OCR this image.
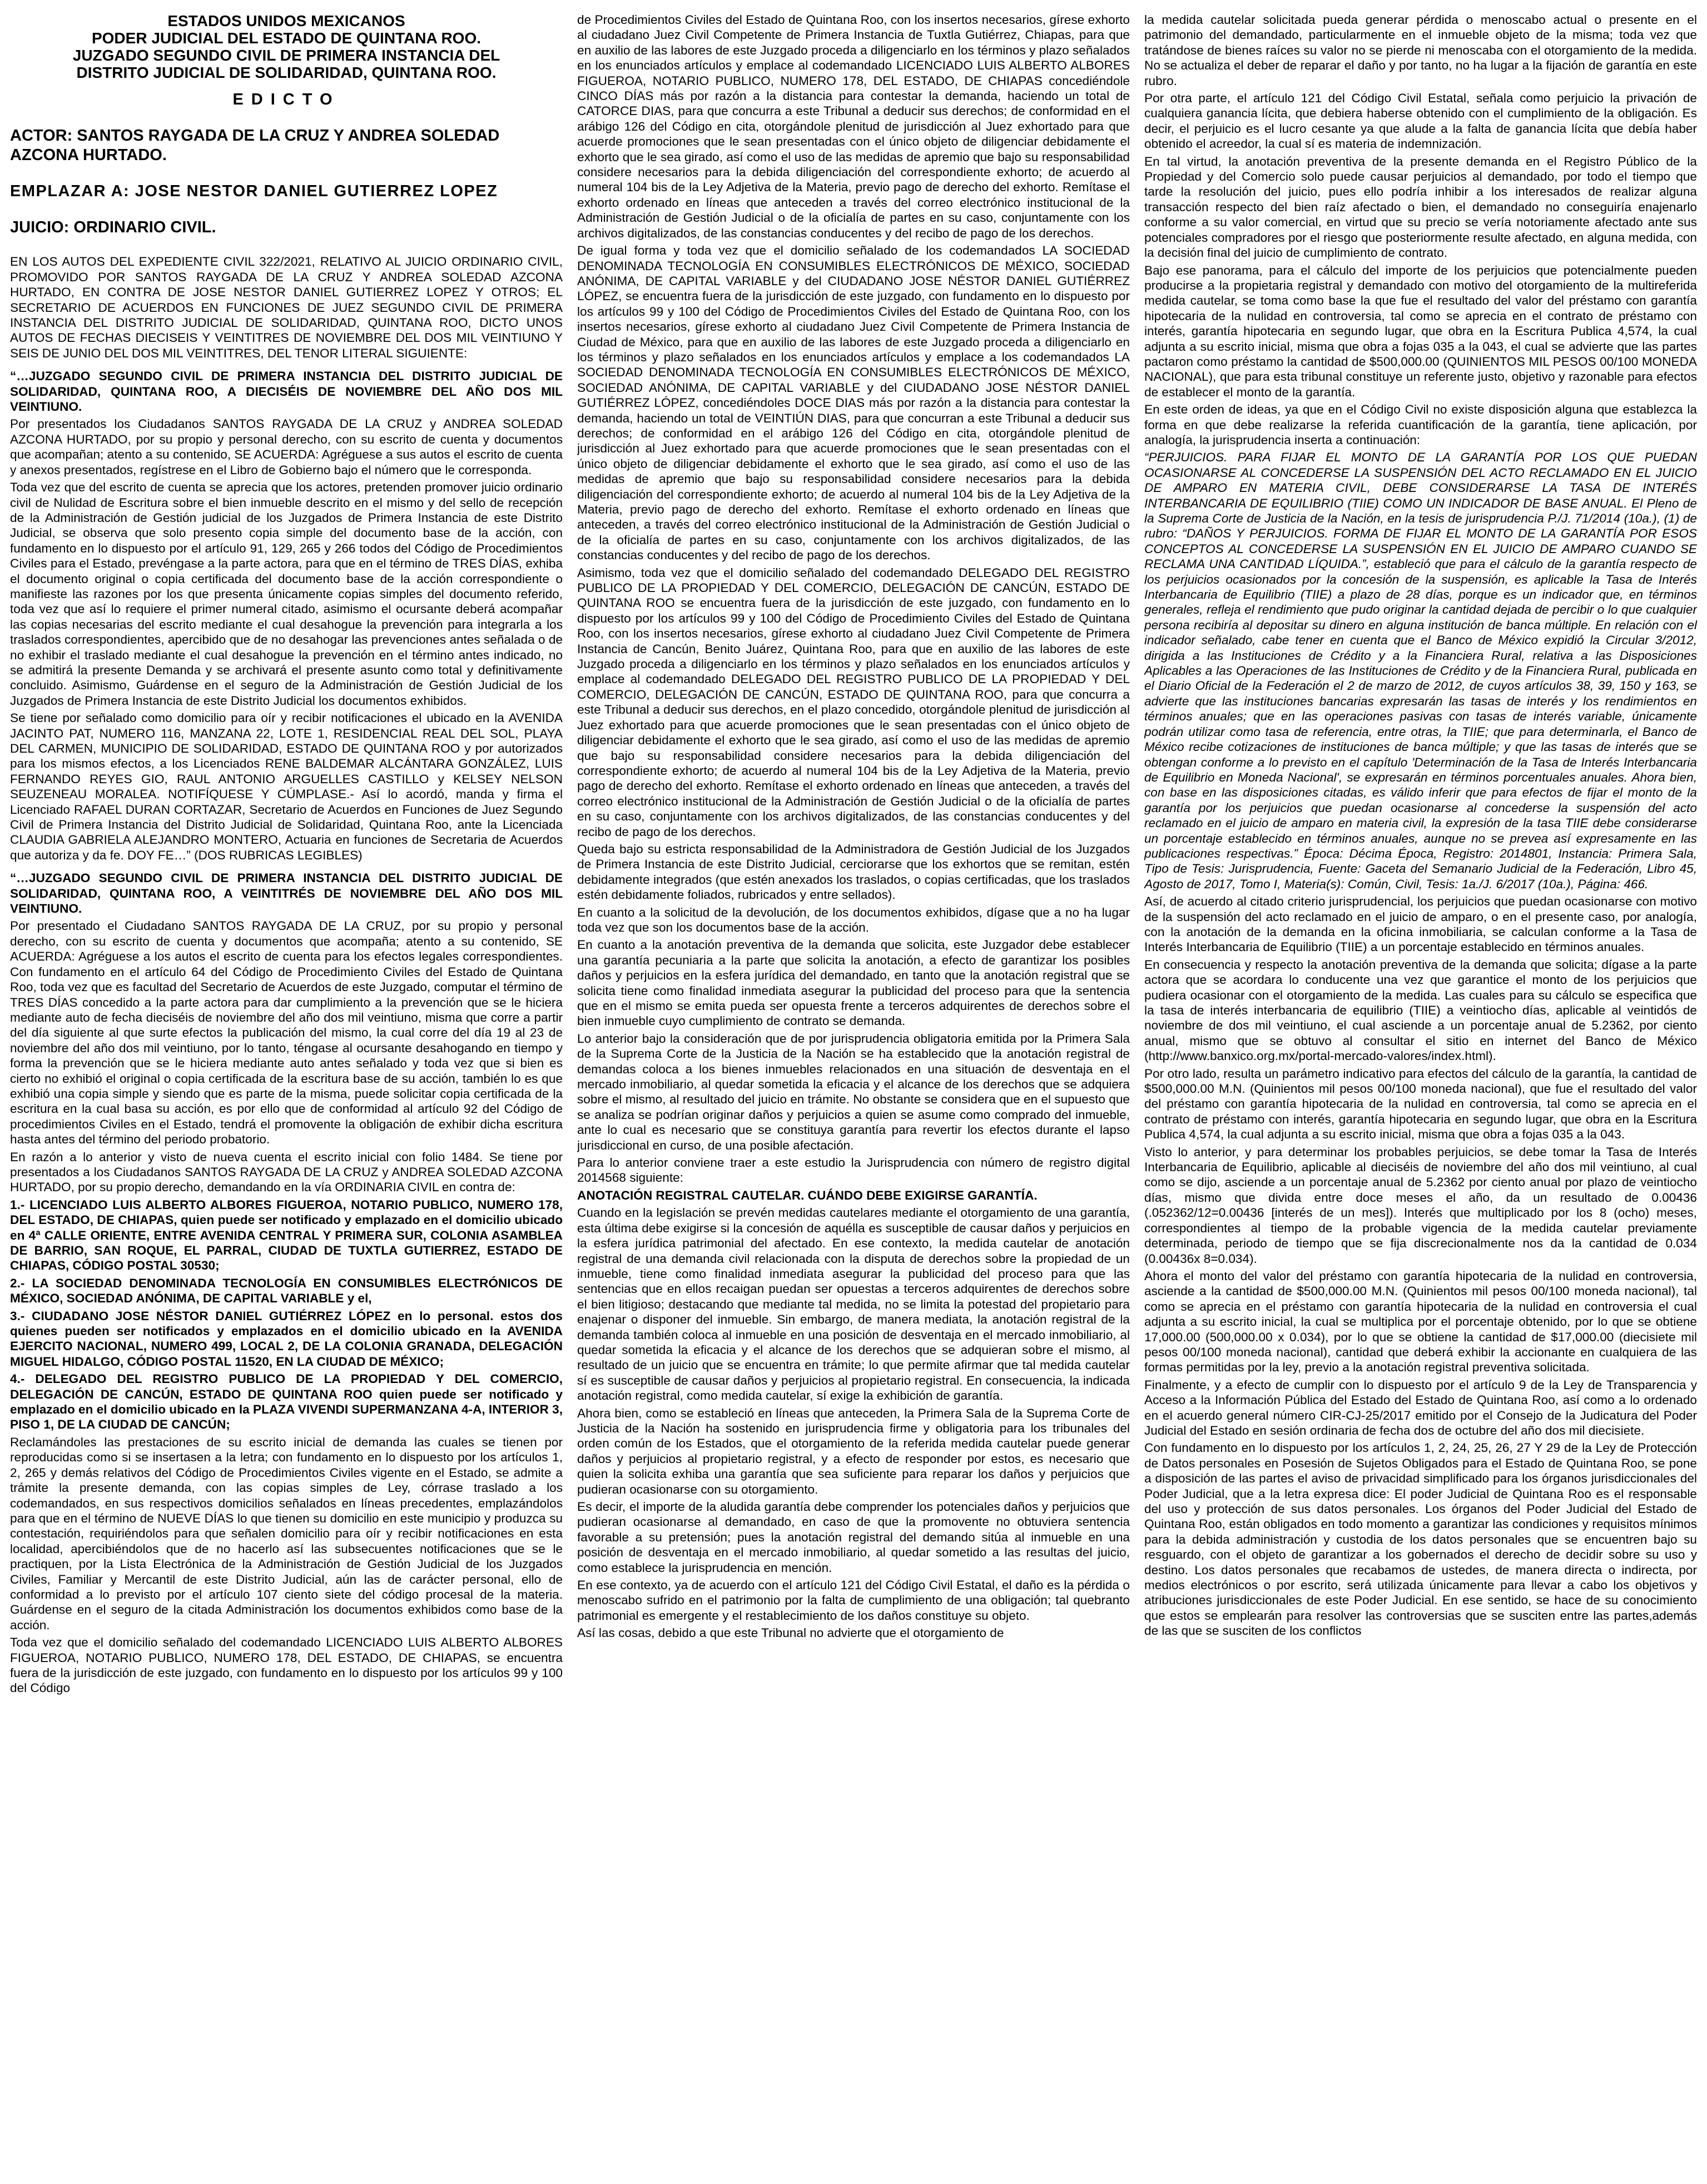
ESTADOS UNIDOS MEXICANOS
PODER JUDICIAL DEL ESTADO DE QUINTANA ROO.
JUZGADO SEGUNDO CIVIL DE PRIMERA INSTANCIA DEL
DISTRITO JUDICIAL DE SOLIDARIDAD, QUINTANA ROO.
EDICTO
ACTOR: SANTOS RAYGADA DE LA CRUZ Y ANDREA SOLEDAD AZCONA HURTADO.
EMPLAZAR A: JOSE NESTOR DANIEL GUTIERREZ LOPEZ
JUICIO: ORDINARIO CIVIL.

EN LOS AUTOS DEL EXPEDIENTE CIVIL 322/2021, RELATIVO AL JUICIO ORDINARIO CIVIL, PROMOVIDO POR SANTOS RAYGADA DE LA CRUZ Y ANDREA SOLEDAD AZCONA HURTADO, EN CONTRA DE JOSE NESTOR DANIEL GUTIERREZ LOPEZ Y OTROS; EL SECRETARIO DE ACUERDOS EN FUNCIONES DE JUEZ SEGUNDO CIVIL DE PRIMERA INSTANCIA DEL DISTRITO JUDICIAL DE SOLIDARIDAD, QUINTANA ROO, DICTO UNOS AUTOS DE FECHAS DIECISEIS Y VEINTITRES DE NOVIEMBRE DEL DOS MIL VEINTIUNO Y SEIS DE JUNIO DEL DOS MIL VEINTITRES, DEL TENOR LITERAL SIGUIENTE:

“…JUZGADO SEGUNDO CIVIL DE PRIMERA INSTANCIA DEL DISTRITO JUDICIAL DE SOLIDARIDAD, QUINTANA ROO, A DIECISÉIS DE NOVIEMBRE DEL AÑO DOS MIL VEINTIUNO.

Por presentados los Ciudadanos SANTOS RAYGADA DE LA CRUZ y ANDREA SOLEDAD AZCONA HURTADO, por su propio y personal derecho, con su escrito de cuenta y documentos que acompañan; atento a su contenido, SE ACUERDA: Agréguese a sus autos el escrito de cuenta y anexos presentados, regístrese en el Libro de Gobierno bajo el número que le corresponda.

Toda vez que del escrito de cuenta se aprecia que los actores, pretenden promover juicio ordinario civil de Nulidad de Escritura sobre el bien inmueble descrito en el mismo y del sello de recepción de la Administración de Gestión judicial de los Juzgados de Primera Instancia de este Distrito Judicial, se observa que solo presento copia simple del documento base de la acción, con fundamento en lo dispuesto por el artículo 91, 129, 265 y 266 todos del Código de Procedimientos Civiles para el Estado, prevéngase a la parte actora, para que en el término de TRES DÍAS, exhiba el documento original o copia certificada del documento base de la acción correspondiente o manifieste las razones por los que presenta únicamente copias simples del documento referido, toda vez que así lo requiere el primer numeral citado, asimismo el ocursante deberá acompañar las copias necesarias del escrito mediante el cual desahogue la prevención para integrarla a los traslados correspondientes, apercibido que de no desahogar las prevenciones antes señalada o de no exhibir el traslado mediante el cual desahogue la prevención en el término antes indicado, no se admitirá la presente Demanda y se archivará el presente asunto como total y definitivamente concluido. Asimismo, Guárdense en el seguro de la Administración de Gestión Judicial de los Juzgados de Primera Instancia de este Distrito Judicial los documentos exhibidos.

Se tiene por señalado como domicilio para oír y recibir notificaciones el ubicado en la AVENIDA JACINTO PAT, NUMERO 116, MANZANA 22, LOTE 1, RESIDENCIAL REAL DEL SOL, PLAYA DEL CARMEN, MUNICIPIO DE SOLIDARIDAD, ESTADO DE QUINTANA ROO y por autorizados para los mismos efectos, a los Licenciados RENE BALDEMAR ALCÁNTARA GONZÁLEZ, LUIS FERNANDO REYES GIO, RAUL ANTONIO ARGUELLES CASTILLO y KELSEY NELSON SEUZENEAU MORALEA. NOTIFÍQUESE Y CÚMPLASE.- Así lo acordó, manda y firma el Licenciado RAFAEL DURAN CORTAZAR, Secretario de Acuerdos en Funciones de Juez Segundo Civil de Primera Instancia del Distrito Judicial de Solidaridad, Quintana Roo, ante la Licenciada CLAUDIA GABRIELA ALEJANDRO MONTERO, Actuaria en funciones de Secretaria de Acuerdos que autoriza y da fe. DOY FE…” (DOS RUBRICAS LEGIBLES)

“…JUZGADO SEGUNDO CIVIL DE PRIMERA INSTANCIA DEL DISTRITO JUDICIAL DE SOLIDARIDAD, QUINTANA ROO, A VEINTITRÉS DE NOVIEMBRE DEL AÑO DOS MIL VEINTIUNO.

Por presentado el Ciudadano SANTOS RAYGADA DE LA CRUZ, por su propio y personal derecho, con su escrito de cuenta y documentos que acompaña; atento a su contenido, SE ACUERDA: Agréguese a los autos el escrito de cuenta para los efectos legales correspondientes. Con fundamento en el artículo 64 del Código de Procedimiento Civiles del Estado de Quintana Roo, toda vez que es facultad del Secretario de Acuerdos de este Juzgado, computar el término de TRES DÍAS concedido a la parte actora para dar cumplimiento a la prevención que se le hiciera mediante auto de fecha dieciséis de noviembre del año dos mil veintiuno, misma que corre a partir del día siguiente al que surte efectos la publicación del mismo, la cual corre del día 19 al 23 de noviembre del año dos mil veintiuno, por lo tanto, téngase al ocursante desahogando en tiempo y forma la prevención que se le hiciera mediante auto antes señalado y toda vez que si bien es cierto no exhibió el original o copia certificada de la escritura base de su acción, también lo es que exhibió una copia simple y siendo que es parte de la misma, puede solicitar copia certificada de la escritura en la cual basa su acción, es por ello que de conformidad al artículo 92 del Código de procedimientos Civiles en el Estado, tendrá el promovente la obligación de exhibir dicha escritura hasta antes del término del periodo probatorio.

En razón a lo anterior y visto de nueva cuenta el escrito inicial con folio 1484. Se tiene por presentados a los Ciudadanos SANTOS RAYGADA DE LA CRUZ y ANDREA SOLEDAD AZCONA HURTADO, por su propio derecho, demandando en la vía ORDINARIA CIVIL en contra de:

1.- LICENCIADO LUIS ALBERTO ALBORES FIGUEROA, NOTARIO PUBLICO, NUMERO 178, DEL ESTADO, DE CHIAPAS, quien puede ser notificado y emplazado en el domicilio ubicado en 4ª CALLE ORIENTE, ENTRE AVENIDA CENTRAL Y PRIMERA SUR, COLONIA ASAMBLEA DE BARRIO, SAN ROQUE, EL PARRAL, CIUDAD DE TUXTLA GUTIERREZ, ESTADO DE CHIAPAS, CÓDIGO POSTAL 30530;

2.- LA SOCIEDAD DENOMINADA TECNOLOGÍA EN CONSUMIBLES ELECTRÓNICOS DE MÉXICO, SOCIEDAD ANÓNIMA, DE CAPITAL VARIABLE y el,

3.- CIUDADANO JOSE NÉSTOR DANIEL GUTIÉRREZ LÓPEZ en lo personal. estos dos quienes pueden ser notificados y emplazados en el domicilio ubicado en la AVENIDA EJERCITO NACIONAL, NUMERO 499, LOCAL 2, DE LA COLONIA GRANADA, DELEGACIÓN MIGUEL HIDALGO, CÓDIGO POSTAL 11520, EN LA CIUDAD DE MÉXICO;

4.- DELEGADO DEL REGISTRO PUBLICO DE LA PROPIEDAD Y DEL COMERCIO, DELEGACIÓN DE CANCÚN, ESTADO DE QUINTANA ROO quien puede ser notificado y emplazado en el domicilio ubicado en la PLAZA VIVENDI SUPERMANZANA 4-A, INTERIOR 3, PISO 1, DE LA CIUDAD DE CANCÚN;

Reclamándoles las prestaciones de su escrito inicial de demanda las cuales se tienen por reproducidas como si se insertasen a la letra; con fundamento en lo dispuesto por los artículos 1, 2, 265 y demás relativos del Código de Procedimientos Civiles vigente en el Estado, se admite a trámite la presente demanda, con las copias simples de Ley, córrase traslado a los codemandados, en sus respectivos domicilios señalados en líneas precedentes, emplazándolos para que en el término de NUEVE DÍAS lo que tienen su domicilio en este municipio y produzca su contestación, requiriéndolos para que señalen domicilio para oír y recibir notificaciones en esta localidad, apercibiéndolos que de no hacerlo así las subsecuentes notificaciones que se le practiquen, por la Lista Electrónica de la Administración de Gestión Judicial de los Juzgados Civiles, Familiar y Mercantil de este Distrito Judicial, aún las de carácter personal, ello de conformidad a lo previsto por el artículo 107 ciento siete del código procesal de la materia. Guárdense en el seguro de la citada Administración los documentos exhibidos como base de la acción.

Toda vez que el domicilio señalado del codemandado LICENCIADO LUIS ALBERTO ALBORES FIGUEROA, NOTARIO PUBLICO, NUMERO 178, DEL ESTADO, DE CHIAPAS, se encuentra fuera de la jurisdicción de este juzgado, con fundamento en lo dispuesto por los artículos 99 y 100 del Código

de Procedimientos Civiles del Estado de Quintana Roo, con los insertos necesarios, gírese exhorto al ciudadano Juez Civil Competente de Primera Instancia de Tuxtla Gutiérrez, Chiapas, para que en auxilio de las labores de este Juzgado proceda a diligenciarlo en los términos y plazo señalados en los enunciados artículos y emplace al codemandado LICENCIADO LUIS ALBERTO ALBORES FIGUEROA, NOTARIO PUBLICO, NUMERO 178, DEL ESTADO, DE CHIAPAS concediéndole CINCO DÍAS más por razón a la distancia para contestar la demanda, haciendo un total de CATORCE DIAS, para que concurra a este Tribunal a deducir sus derechos; de conformidad en el arábigo 126 del Código en cita, otorgándole plenitud de jurisdicción al Juez exhortado para que acuerde promociones que le sean presentadas con el único objeto de diligenciar debidamente el exhorto que le sea girado, así como el uso de las medidas de apremio que bajo su responsabilidad considere necesarios para la debida diligenciación del correspondiente exhorto; de acuerdo al numeral 104 bis de la Ley Adjetiva de la Materia, previo pago de derecho del exhorto. Remítase el exhorto ordenado en líneas que anteceden a través del correo electrónico institucional de la Administración de Gestión Judicial o de la oficialía de partes en su caso, conjuntamente con los archivos digitalizados, de las constancias conducentes y del recibo de pago de los derechos.

De igual forma y toda vez que el domicilio señalado de los codemandados LA SOCIEDAD DENOMINADA TECNOLOGÍA EN CONSUMIBLES ELECTRÓNICOS DE MÉXICO, SOCIEDAD ANÓNIMA, DE CAPITAL VARIABLE y del CIUDADANO JOSE NÉSTOR DANIEL GUTIÉRREZ LÓPEZ, se encuentra fuera de la jurisdicción de este juzgado, con fundamento en lo dispuesto por los artículos 99 y 100 del Código de Procedimientos Civiles del Estado de Quintana Roo, con los insertos necesarios, gírese exhorto al ciudadano Juez Civil Competente de Primera Instancia de Ciudad de México, para que en auxilio de las labores de este Juzgado proceda a diligenciarlo en los términos y plazo señalados en los enunciados artículos y emplace a los codemandados LA SOCIEDAD DENOMINADA TECNOLOGÍA EN CONSUMIBLES ELECTRÓNICOS DE MÉXICO, SOCIEDAD ANÓNIMA, DE CAPITAL VARIABLE y del CIUDADANO JOSE NÉSTOR DANIEL GUTIÉRREZ LÓPEZ, concediéndoles DOCE DIAS más por razón a la distancia para contestar la demanda, haciendo un total de VEINTIÚN DIAS, para que concurran a este Tribunal a deducir sus derechos; de conformidad en el arábigo 126 del Código en cita, otorgándole plenitud de jurisdicción al Juez exhortado para que acuerde promociones que le sean presentadas con el único objeto de diligenciar debidamente el exhorto que le sea girado, así como el uso de las medidas de apremio que bajo su responsabilidad considere necesarios para la debida diligenciación del correspondiente exhorto; de acuerdo al numeral 104 bis de la Ley Adjetiva de la Materia, previo pago de derecho del exhorto. Remítase el exhorto ordenado en líneas que anteceden, a través del correo electrónico institucional de la Administración de Gestión Judicial o de la oficialía de partes en su caso, conjuntamente con los archivos digitalizados, de las constancias conducentes y del recibo de pago de los derechos.

Asimismo, toda vez que el domicilio señalado del codemandado DELEGADO DEL REGISTRO PUBLICO DE LA PROPIEDAD Y DEL COMERCIO, DELEGACIÓN DE CANCÚN, ESTADO DE QUINTANA ROO se encuentra fuera de la jurisdicción de este juzgado, con fundamento en lo dispuesto por los artículos 99 y 100 del Código de Procedimiento Civiles del Estado de Quintana Roo, con los insertos necesarios, gírese exhorto al ciudadano Juez Civil Competente de Primera Instancia de Cancún, Benito Juárez, Quintana Roo, para que en auxilio de las labores de este Juzgado proceda a diligenciarlo en los términos y plazo señalados en los enunciados artículos y emplace al codemandado DELEGADO DEL REGISTRO PUBLICO DE LA PROPIEDAD Y DEL COMERCIO, DELEGACIÓN DE CANCÚN, ESTADO DE QUINTANA ROO, para que concurra a este Tribunal a deducir sus derechos, en el plazo concedido, otorgándole plenitud de jurisdicción al Juez exhortado para que acuerde promociones que le sean presentadas con el único objeto de diligenciar debidamente el exhorto que le sea girado, así como el uso de las medidas de apremio que bajo su responsabilidad considere necesarios para la debida diligenciación del correspondiente exhorto; de acuerdo al numeral 104 bis de la Ley Adjetiva de la Materia, previo pago de derecho del exhorto. Remítase el exhorto ordenado en líneas que anteceden, a través del correo electrónico institucional de la Administración de Gestión Judicial o de la oficialía de partes en su caso, conjuntamente con los archivos digitalizados, de las constancias conducentes y del recibo de pago de los derechos.

Queda bajo su estricta responsabilidad de la Administradora de Gestión Judicial de los Juzgados de Primera Instancia de este Distrito Judicial, cerciorarse que los exhortos que se remitan, estén debidamente integrados (que estén anexados los traslados, o copias certificadas, que los traslados estén debidamente foliados, rubricados y entre sellados).

En cuanto a la solicitud de la devolución, de los documentos exhibidos, dígase que a no ha lugar toda vez que son los documentos base de la acción.

En cuanto a la anotación preventiva de la demanda que solicita, este Juzgador debe establecer una garantía pecuniaria a la parte que solicita la anotación, a efecto de garantizar los posibles daños y perjuicios en la esfera jurídica del demandado, en tanto que la anotación registral que se solicita tiene como finalidad inmediata asegurar la publicidad del proceso para que la sentencia que en el mismo se emita pueda ser opuesta frente a terceros adquirentes de derechos sobre el bien inmueble cuyo cumplimiento de contrato se demanda.

Lo anterior bajo la consideración que de por jurisprudencia obligatoria emitida por la Primera Sala de la Suprema Corte de la Justicia de la Nación se ha establecido que la anotación registral de demandas coloca a los bienes inmuebles relacionados en una situación de desventaja en el mercado inmobiliario, al quedar sometida la eficacia y el alcance de los derechos que se adquiera sobre el mismo, al resultado del juicio en trámite. No obstante se considera que en el supuesto que se analiza se podrían originar daños y perjuicios a quien se asume como comprado del inmueble, ante lo cual es necesario que se constituya garantía para revertir los efectos durante el lapso jurisdiccional en curso, de una posible afectación.

Para lo anterior conviene traer a este estudio la Jurisprudencia con número de registro digital 2014568 siguiente:

ANOTACIÓN REGISTRAL CAUTELAR. CUÁNDO DEBE EXIGIRSE GARANTÍA.

Cuando en la legislación se prevén medidas cautelares mediante el otorgamiento de una garantía, esta última debe exigirse si la concesión de aquélla es susceptible de causar daños y perjuicios en la esfera jurídica patrimonial del afectado. En ese contexto, la medida cautelar de anotación registral de una demanda civil relacionada con la disputa de derechos sobre la propiedad de un inmueble, tiene como finalidad inmediata asegurar la publicidad del proceso para que las sentencias que en ellos recaigan puedan ser opuestas a terceros adquirentes de derechos sobre el bien litigioso; destacando que mediante tal medida, no se limita la potestad del propietario para enajenar o disponer del inmueble. Sin embargo, de manera mediata, la anotación registral de la demanda también coloca al inmueble en una posición de desventaja en el mercado inmobiliario, al quedar sometida la eficacia y el alcance de los derechos que se adquieran sobre el mismo, al resultado de un juicio que se encuentra en trámite; lo que permite afirmar que tal medida cautelar sí es susceptible de causar daños y perjuicios al propietario registral. En consecuencia, la indicada anotación registral, como medida cautelar, sí exige la exhibición de garantía.

Ahora bien, como se estableció en líneas que anteceden, la Primera Sala de la Suprema Corte de Justicia de la Nación ha sostenido en jurisprudencia firme y obligatoria para los tribunales del orden común de los Estados, que el otorgamiento de la referida medida cautelar puede generar daños y perjuicios al propietario registral, y a efecto de responder por estos, es necesario que quien la solicita exhiba una garantía que sea suficiente para reparar los daños y perjuicios que pudieran ocasionarse con su otorgamiento.

Es decir, el importe de la aludida garantía debe comprender los potenciales daños y perjuicios que pudieran ocasionarse al demandado, en caso de que la promovente no obtuviera sentencia favorable a su pretensión; pues la anotación registral del demando sitúa al inmueble en una posición de desventaja en el mercado inmobiliario, al quedar sometido a las resultas del juicio, como establece la jurisprudencia en mención.

En ese contexto, ya de acuerdo con el artículo 121 del Código Civil Estatal, el daño es la pérdida o menoscabo sufrido en el patrimonio por la falta de cumplimiento de una obligación; tal quebranto patrimonial es emergente y el restablecimiento de los daños constituye su objeto.

Así las cosas, debido a que este Tribunal no advierte que el otorgamiento de

la medida cautelar solicitada pueda generar pérdida o menoscabo actual o presente en el patrimonio del demandado, particularmente en el inmueble objeto de la misma; toda vez que tratándose de bienes raíces su valor no se pierde ni menoscaba con el otorgamiento de la medida. No se actualiza el deber de reparar el daño y por tanto, no ha lugar a la fijación de garantía en este rubro.

Por otra parte, el artículo 121 del Código Civil Estatal, señala como perjuicio la privación de cualquiera ganancia lícita, que debiera haberse obtenido con el cumplimiento de la obligación. Es decir, el perjuicio es el lucro cesante ya que alude a la falta de ganancia lícita que debía haber obtenido el acreedor, la cual sí es materia de indemnización.

En tal virtud, la anotación preventiva de la presente demanda en el Registro Público de la Propiedad y del Comercio solo puede causar perjuicios al demandado, por todo el tiempo que tarde la resolución del juicio, pues ello podría inhibir a los interesados de realizar alguna transacción respecto del bien raíz afectado o bien, el demandado no conseguiría enajenarlo conforme a su valor comercial, en virtud que su precio se vería notoriamente afectado ante sus potenciales compradores por el riesgo que posteriormente resulte afectado, en alguna medida, con la decisión final del juicio de cumplimiento de contrato.

Bajo ese panorama, para el cálculo del importe de los perjuicios que potencialmente pueden producirse a la propietaria registral y demandado con motivo del otorgamiento de la multireferida medida cautelar, se toma como base la que fue el resultado del valor del préstamo con garantía hipotecaria de la nulidad en controversia, tal como se aprecia en el contrato de préstamo con interés, garantía hipotecaria en segundo lugar, que obra en la Escritura Publica 4,574, la cual adjunta a su escrito inicial, misma que obra a fojas 035 a la 043, el cual se advierte que las partes pactaron como préstamo la cantidad de $500,000.00 (QUINIENTOS MIL PESOS 00/100 MONEDA NACIONAL), que para esta tribunal constituye un referente justo, objetivo y razonable para efectos de establecer el monto de la garantía.

En este orden de ideas, ya que en el Código Civil no existe disposición alguna que establezca la forma en que debe realizarse la referida cuantificación de la garantía, tiene aplicación, por analogía, la jurisprudencia inserta a continuación:

“PERJUICIOS. PARA FIJAR EL MONTO DE LA GARANTÍA POR LOS QUE PUEDAN OCASIONARSE AL CONCEDERSE LA SUSPENSIÓN DEL ACTO RECLAMADO EN EL JUICIO DE AMPARO EN MATERIA CIVIL, DEBE CONSIDERARSE LA TASA DE INTERÉS INTERBANCARIA DE EQUILIBRIO (TIIE) COMO UN INDICADOR DE BASE ANUAL. El Pleno de la Suprema Corte de Justicia de la Nación, en la tesis de jurisprudencia P./J. 71/2014 (10a.), (1) de rubro: “DAÑOS Y PERJUICIOS. FORMA DE FIJAR EL MONTO DE LA GARANTÍA POR ESOS CONCEPTOS AL CONCEDERSE LA SUSPENSIÓN EN EL JUICIO DE AMPARO CUANDO SE RECLAMA UNA CANTIDAD LÍQUIDA.”, estableció que para el cálculo de la garantía respecto de los perjuicios ocasionados por la concesión de la suspensión, es aplicable la Tasa de Interés Interbancaria de Equilibrio (TIIE) a plazo de 28 días, porque es un indicador que, en términos generales, refleja el rendimiento que pudo originar la cantidad dejada de percibir o lo que cualquier persona recibiría al depositar su dinero en alguna institución de banca múltiple. En relación con el indicador señalado, cabe tener en cuenta que el Banco de México expidió la Circular 3/2012, dirigida a las Instituciones de Crédito y a la Financiera Rural, relativa a las Disposiciones Aplicables a las Operaciones de las Instituciones de Crédito y de la Financiera Rural, publicada en el Diario Oficial de la Federación el 2 de marzo de 2012, de cuyos artículos 38, 39, 150 y 163, se advierte que las instituciones bancarias expresarán las tasas de interés y los rendimientos en términos anuales; que en las operaciones pasivas con tasas de interés variable, únicamente podrán utilizar como tasa de referencia, entre otras, la TIIE; que para determinarla, el Banco de México recibe cotizaciones de instituciones de banca múltiple; y que las tasas de interés que se obtengan conforme a lo previsto en el capítulo 'Determinación de la Tasa de Interés Interbancaria de Equilibrio en Moneda Nacional', se expresarán en términos porcentuales anuales. Ahora bien, con base en las disposiciones citadas, es válido inferir que para efectos de fijar el monto de la garantía por los perjuicios que puedan ocasionarse al concederse la suspensión del acto reclamado en el juicio de amparo en materia civil, la expresión de la tasa TIIE debe considerarse un porcentaje establecido en términos anuales, aunque no se prevea así expresamente en las publicaciones respectivas.” Época: Décima Época, Registro: 2014801, Instancia: Primera Sala, Tipo de Tesis: Jurisprudencia, Fuente: Gaceta del Semanario Judicial de la Federación, Libro 45, Agosto de 2017, Tomo I, Materia(s): Común, Civil, Tesis: 1a./J. 6/2017 (10a.), Página: 466.

Así, de acuerdo al citado criterio jurisprudencial, los perjuicios que puedan ocasionarse con motivo de la suspensión del acto reclamado en el juicio de amparo, o en el presente caso, por analogía, con la anotación de la demanda en la oficina inmobiliaria, se calculan conforme a la Tasa de Interés Interbancaria de Equilibrio (TIIE) a un porcentaje establecido en términos anuales.

En consecuencia y respecto la anotación preventiva de la demanda que solicita; dígase a la parte actora que se acordara lo conducente una vez que garantice el monto de los perjuicios que pudiera ocasionar con el otorgamiento de la medida. Las cuales para su cálculo se especifica que la tasa de interés interbancaria de equilibrio (TIIE) a veintiocho días, aplicable al veintidós de noviembre de dos mil veintiuno, el cual asciende a un porcentaje anual de 5.2362, por ciento anual, mismo que se obtuvo al consultar el sitio en internet del Banco de México (http://www.banxico.org.mx/portal-mercado-valores/index.html).

Por otro lado, resulta un parámetro indicativo para efectos del cálculo de la garantía, la cantidad de $500,000.00 M.N. (Quinientos mil pesos 00/100 moneda nacional), que fue el resultado del valor del préstamo con garantía hipotecaria de la nulidad en controversia, tal como se aprecia en el contrato de préstamo con interés, garantía hipotecaria en segundo lugar, que obra en la Escritura Publica 4,574, la cual adjunta a su escrito inicial, misma que obra a fojas 035 a la 043.

Visto lo anterior, y para determinar los probables perjuicios, se debe tomar la Tasa de Interés Interbancaria de Equilibrio, aplicable al dieciséis de noviembre del año dos mil veintiuno, al cual como se dijo, asciende a un porcentaje anual de 5.2362 por ciento anual por plazo de veintiocho días, mismo que divida entre doce meses el año, da un resultado de 0.00436 (.052362/12=0.00436 [interés de un mes]). Interés que multiplicado por los 8 (ocho) meses, correspondientes al tiempo de la probable vigencia de la medida cautelar previamente determinada, periodo de tiempo que se fija discrecionalmente nos da la cantidad de 0.034 (0.00436x 8=0.034).

Ahora el monto del valor del préstamo con garantía hipotecaria de la nulidad en controversia, asciende a la cantidad de $500,000.00 M.N. (Quinientos mil pesos 00/100 moneda nacional), tal como se aprecia en el préstamo con garantía hipotecaria de la nulidad en controversia el cual adjunta a su escrito inicial, la cual se multiplica por el porcentaje obtenido, por lo que se obtiene 17,000.00 (500,000.00 x 0.034), por lo que se obtiene la cantidad de $17,000.00 (diecisiete mil pesos 00/100 moneda nacional), cantidad que deberá exhibir la accionante en cualquiera de las formas permitidas por la ley, previo a la anotación registral preventiva solicitada.

Finalmente, y a efecto de cumplir con lo dispuesto por el artículo 9 de la Ley de Transparencia y Acceso a la Información Pública del Estado del Estado de Quintana Roo, así como a lo ordenado en el acuerdo general número CIR-CJ-25/2017 emitido por el Consejo de la Judicatura del Poder Judicial del Estado en sesión ordinaria de fecha dos de octubre del año dos mil diecisiete.

Con fundamento en lo dispuesto por los artículos 1, 2, 24, 25, 26, 27 Y 29 de la Ley de Protección de Datos personales en Posesión de Sujetos Obligados para el Estado de Quintana Roo, se pone a disposición de las partes el aviso de privacidad simplificado para los órganos jurisdiccionales del Poder Judicial, que a la letra expresa dice: El poder Judicial de Quintana Roo es el responsable del uso y protección de sus datos personales. Los órganos del Poder Judicial del Estado de Quintana Roo, están obligados en todo momento a garantizar las condiciones y requisitos mínimos para la debida administración y custodia de los datos personales que se encuentren bajo su resguardo, con el objeto de garantizar a los gobernados el derecho de decidir sobre su uso y destino. Los datos personales que recabamos de ustedes, de manera directa o indirecta, por medios electrónicos o por escrito, será utilizada únicamente para llevar a cabo los objetivos y atribuciones jurisdiccionales de este Poder Judicial. En ese sentido, se hace de su conocimiento que estos se emplearán para resolver las controversias que se susciten entre las partes,además de las que se susciten de los conflictos
